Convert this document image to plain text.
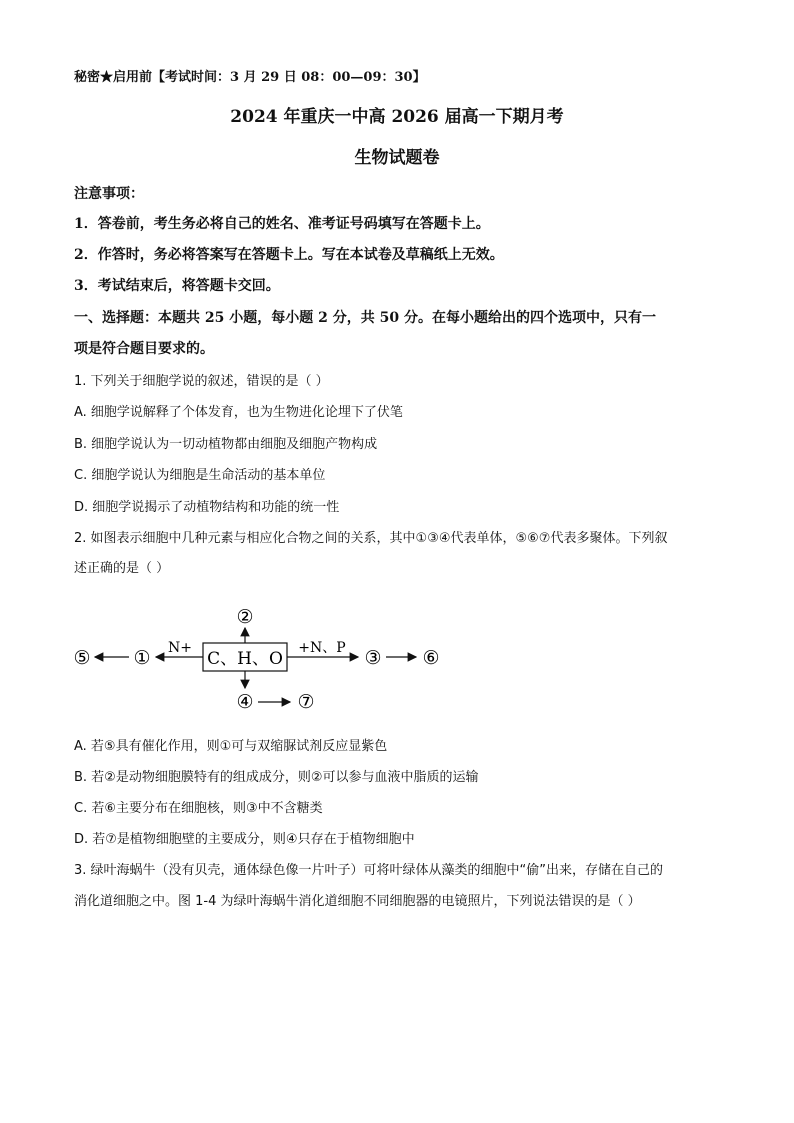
秘密★启用前【考试时间：3 月 29 日 08：00—09：30】
2024 年重庆一中高 2026 届高一下期月考
生物试题卷
注意事项：
1．答卷前，考生务必将自己的姓名、准考证号码填写在答题卡上。
2．作答时，务必将答案写在答题卡上。写在本试卷及草稿纸上无效。
3．考试结束后，将答题卡交回。
一、选择题：本题共 25 小题，每小题 2 分，共 50 分。在每小题给出的四个选项中，只有一
项是符合题目要求的。
1. 下列关于细胞学说的叙述，错误的是（ ）
A. 细胞学说解释了个体发育，也为生物进化论埋下了伏笔
B. 细胞学说认为一切动植物都由细胞及细胞产物构成
C. 细胞学说认为细胞是生命活动的基本单位
D. 细胞学说揭示了动植物结构和功能的统一性
2. 如图表示细胞中几种元素与相应化合物之间的关系，其中①③④代表单体，⑤⑥⑦代表多聚体。下列叙
述正确的是（ ）
C、H、O
②
④ ⑦
N+
①
⑤	+N、P ③ ⑥
A. 若⑤具有催化作用，则①可与双缩脲试剂反应显紫色
B. 若②是动物细胞膜特有的组成成分，则②可以参与血液中脂质的运输
C. 若⑥主要分布在细胞核，则③中不含糖类
D. 若⑦是植物细胞壁的主要成分，则④只存在于植物细胞中
3. 绿叶海蜗牛（没有贝壳，通体绿色像一片叶子）可将叶绿体从藻类的细胞中“偷”出来，存储在自己的
消化道细胞之中。图 1-4 为绿叶海蜗牛消化道细胞不同细胞器的电镜照片，下列说法错误的是（ ）
